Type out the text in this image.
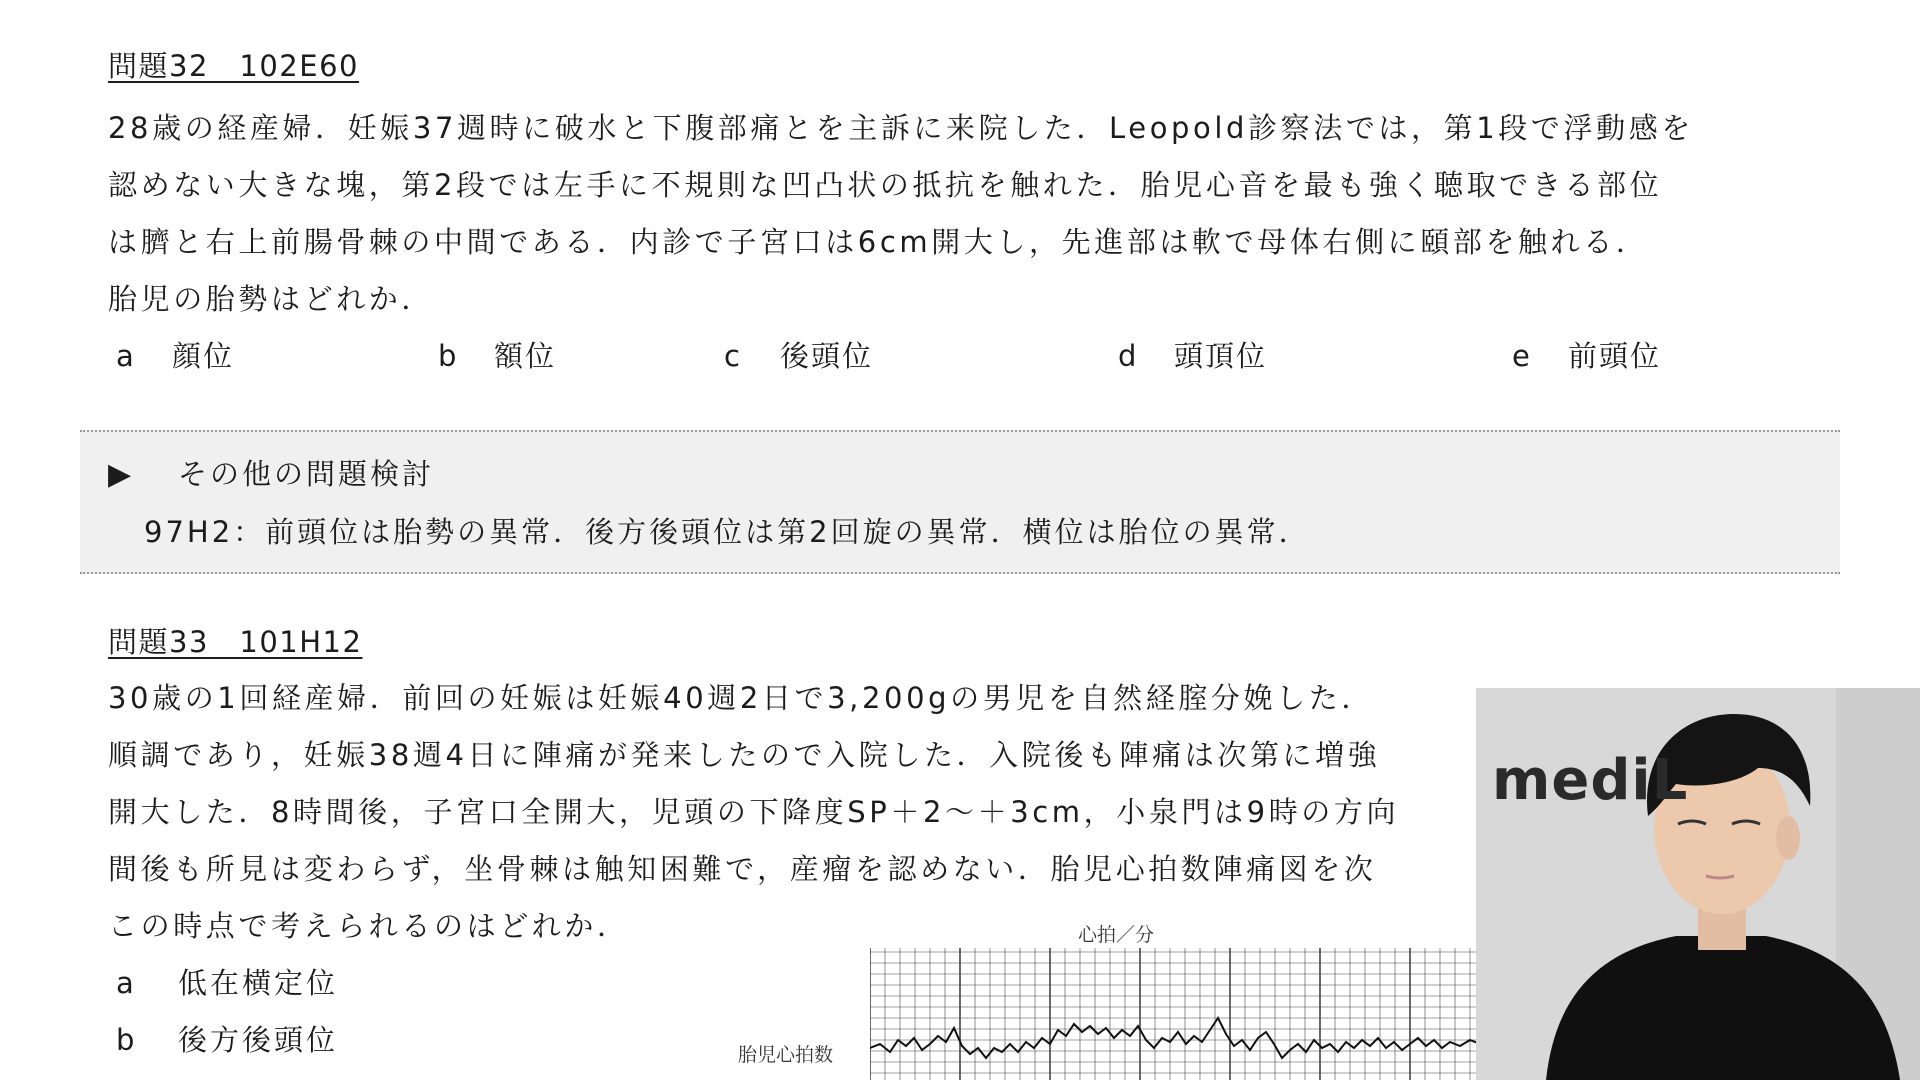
問題32　102E60
28歳の経産婦．妊娠37週時に破水と下腹部痛とを主訴に来院した．Leopold診察法では，第1段で浮動感を
認めない大きな塊，第2段では左手に不規則な凹凸状の抵抗を触れた．胎児心音を最も強く聴取できる部位
は臍と右上前腸骨棘の中間である．内診で子宮口は6cm開大し，先進部は軟で母体右側に頤部を触れる．
胎児の胎勢はどれか．
a 顔位	b 額位	c 後頭位	d 頭頂位	e 前頭位
▶ その他の問題検討
97H2：前頭位は胎勢の異常．後方後頭位は第2回旋の異常．横位は胎位の異常．
問題33　101H12
30歳の1回経産婦．前回の妊娠は妊娠40週2日で3,200gの男児を自然経腟分娩した．
順調であり，妊娠38週4日に陣痛が発来したので入院した．入院後も陣痛は次第に増強
開大した．8時間後，子宮口全開大，児頭の下降度SP＋2～＋3cm，小泉門は9時の方向
間後も所見は変わらず，坐骨棘は触知困難で，産瘤を認めない．胎児心拍数陣痛図を次
この時点で考えられるのはどれか．
a 低在横定位
b 後方後頭位
心拍／分
胎児心拍数
mediL
